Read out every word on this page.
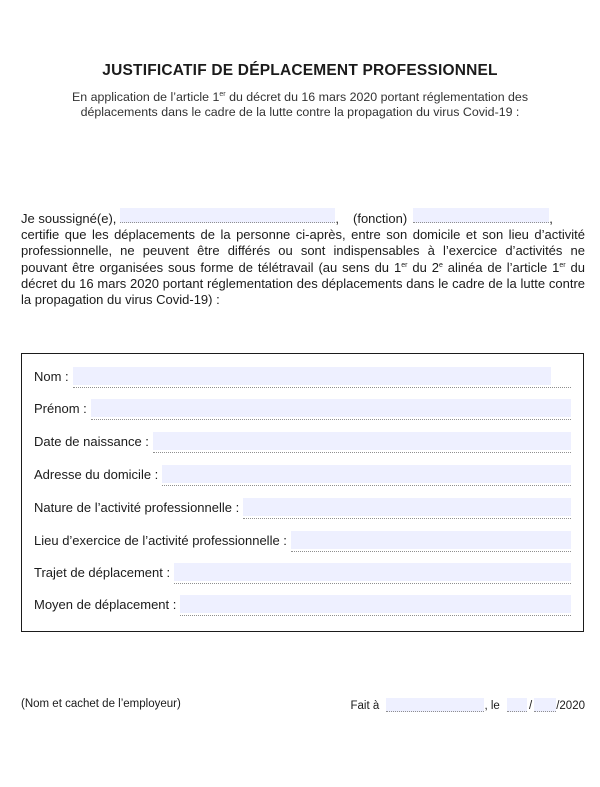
JUSTIFICATIF DE DÉPLACEMENT PROFESSIONNEL
En application de l’article 1er du décret du 16 mars 2020 portant réglementation des déplacements dans le cadre de la lutte contre la propagation du virus Covid-19 :
Je soussigné(e),	, (fonction)	,

certifie que les déplacements de la personne ci-après, entre son domicile et son lieu d’activité professionnelle, ne peuvent être différés ou sont indispensables à l’exercice d’activités ne pouvant être organisées sous forme de télétravail (au sens du 1er du 2e alinéa de l’article 1er du décret du 16 mars 2020 portant réglementation des déplacements dans le cadre de la lutte contre la propagation du virus Covid-19) :

Nom :
Prénom :
Date de naissance :
Adresse du domicile :
Nature de l’activité professionnelle :
Lieu d’exercice de l’activité professionnelle :
Trajet de déplacement :
Moyen de déplacement :
(Nom et cachet de l’employeur)	Fait à	, le	/ /2020
